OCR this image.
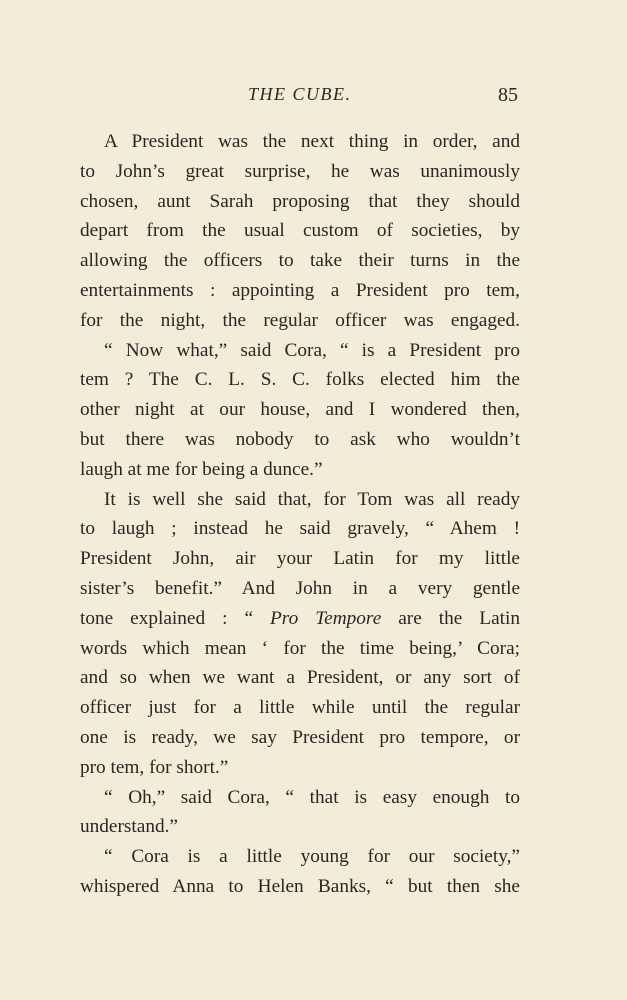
THE CUBE.	85
A President was the next thing in order, and
to John’s great surprise, he was unanimously
chosen, aunt Sarah proposing that they should
depart from the usual custom of societies, by
allowing the officers to take their turns in the
entertainments : appointing a President pro tem,
for the night, the regular officer was engaged.
“ Now what,” said Cora, “ is a President pro
tem ? The C. L. S. C. folks elected him the
other night at our house, and I wondered then,
but there was nobody to ask who wouldn’t
laugh at me for being a dunce.”
It is well she said that, for Tom was all ready
to laugh ; instead he said gravely, “ Ahem !
President John, air your Latin for my little
sister’s benefit.” And John in a very gentle
tone explained : “ Pro Tempore are the Latin
words which mean ‘ for the time being,’ Cora;
and so when we want a President, or any sort of
officer just for a little while until the regular
one is ready, we say President pro tempore, or
pro tem, for short.”
“ Oh,” said Cora, “ that is easy enough to
understand.”
“ Cora is a little young for our society,”
whispered Anna to Helen Banks, “ but then she
